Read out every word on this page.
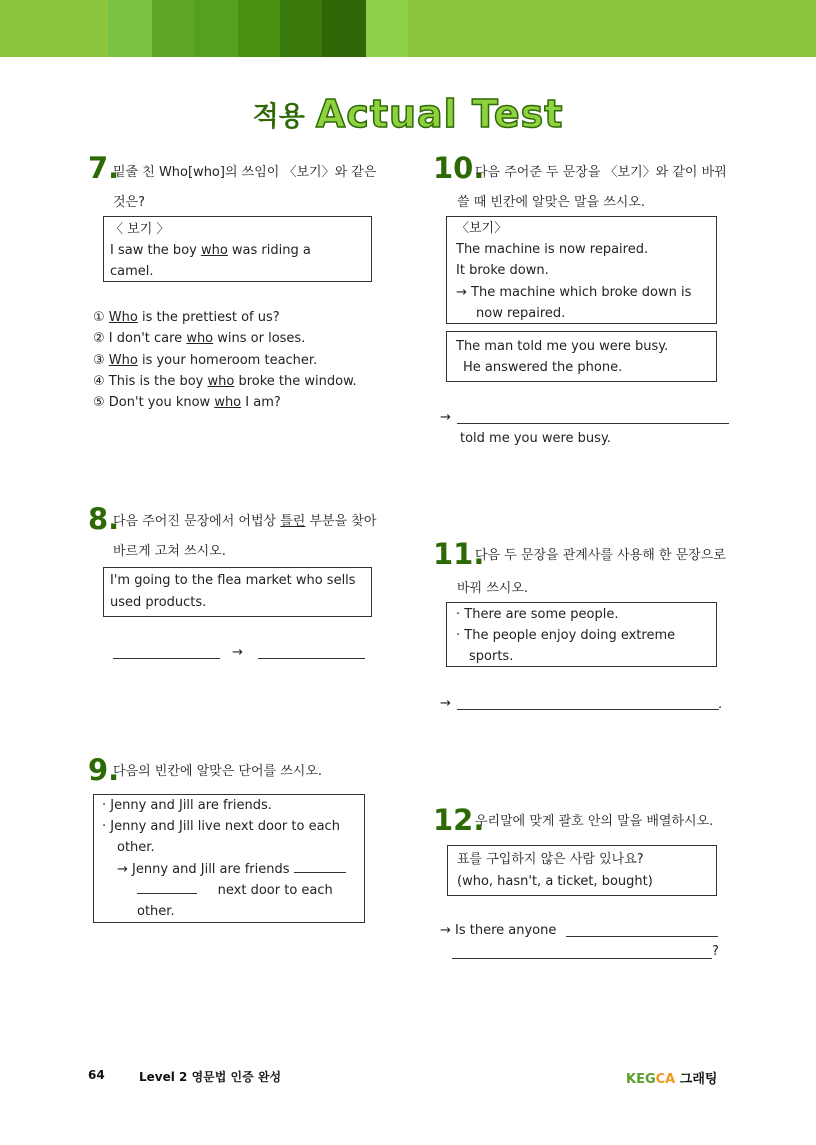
적용 Actual Test
7.
밑줄 친 Who[who]의 쓰임이 〈보기〉와 같은
것은?
〈 보기 〉
I saw the boy who was riding a
camel.
① Who is the prettiest of us?
② I don't care who wins or loses.
③ Who is your homeroom teacher.
④ This is the boy who broke the window.
⑤ Don't you know who I am?
8.
다음 주어진 문장에서 어법상 틀린 부분을 찾아
바르게 고쳐 쓰시오.
I'm going to the flea market who sells
used products.
→
9.
다음의 빈칸에 알맞은 단어를 쓰시오.
· Jenny and Jill are friends.
· Jenny and Jill live next door to each
other.
→ Jenny and Jill are friends
next door to each
other.
10.
다음 주어준 두 문장을 〈보기〉와 같이 바꿔
쓸 때 빈칸에 알맞은 말을 쓰시오.
〈보기〉
The machine is now repaired.
It broke down.
→ The machine which broke down is
now repaired.
The man told me you were busy.
He answered the phone.
→
told me you were busy.
11.
다음 두 문장을 관계사를 사용해 한 문장으로
바꿔 쓰시오.
· There are some people.
· The people enjoy doing extreme
sports.
→	.
12.
우리말에 맞게 괄호 안의 말을 배열하시오.
표를 구입하지 않은 사람 있나요?
(who, hasn't, a ticket, bought)
→ Is there anyone
?
64	Level 2 영문법 인증 완성	KEGCA 그래팅
